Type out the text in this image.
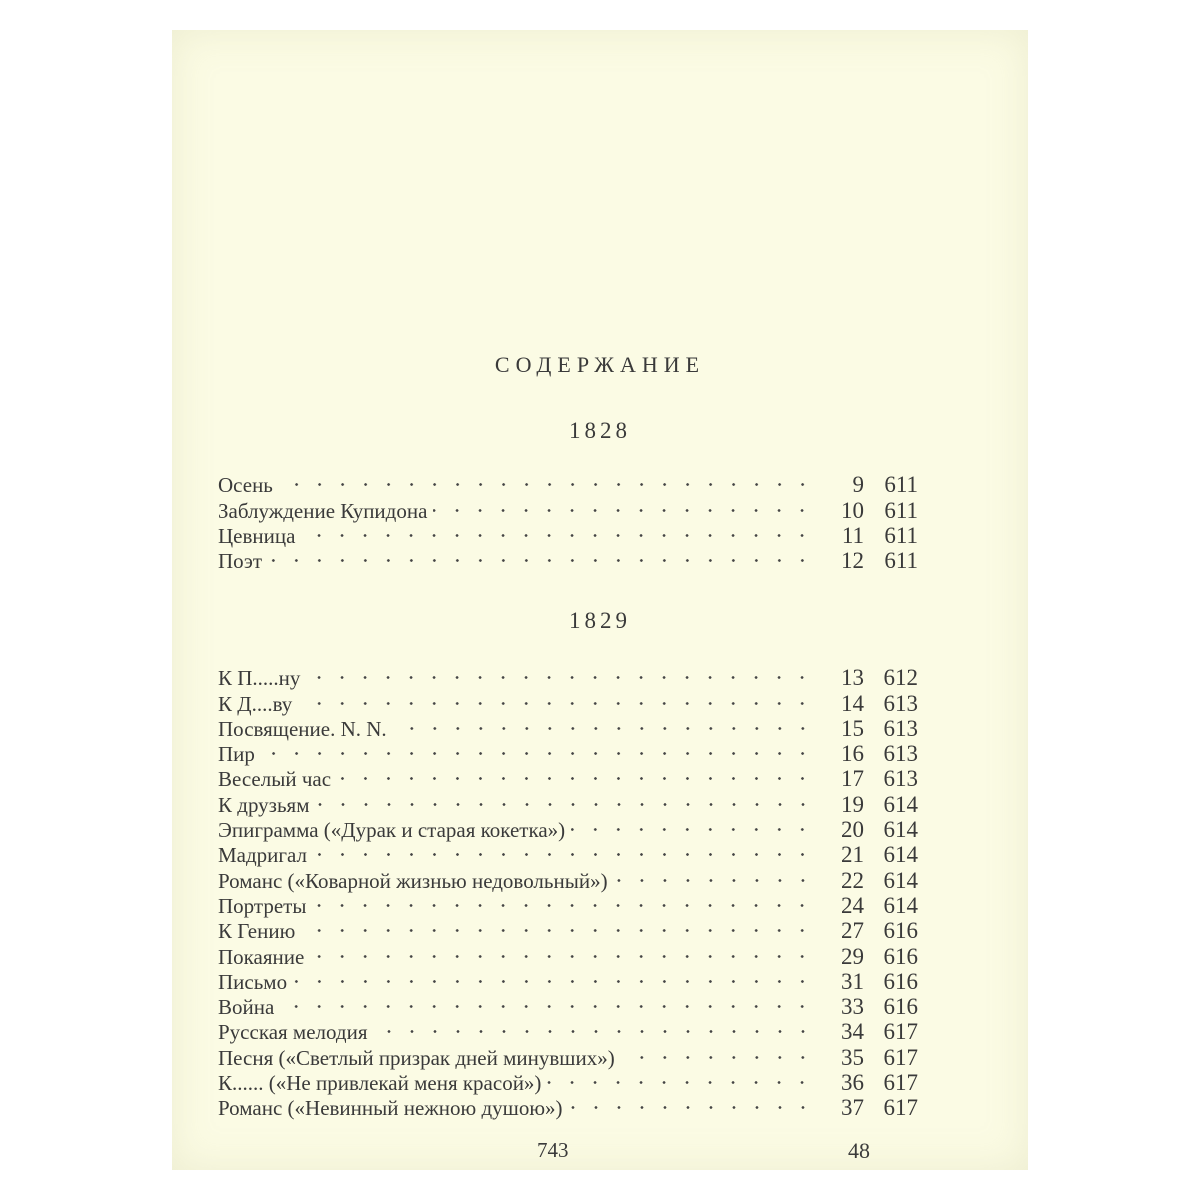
СОДЕРЖАНИЕ
1828
Осень	9 611
Заблуждение Купидона	10 611
Цевница	11 611
Поэт	12 611
1829
К П.....ну	13 612
К Д....ву	14 613
Посвящение. N. N.	15 613
Пир	16 613
Веселый час	17 613
К друзьям	19 614
Эпиграмма («Дурак и старая кокетка»)	20 614
Мадригал	21 614
Романс («Коварной жизнью недовольный»)	22 614
Портреты	24 614
К Гению	27 616
Покаяние	29 616
Письмо	31 616
Война	33 616
Русская мелодия	34 617
Песня («Светлый призрак дней минувших»)	35 617
К...... («Не привлекай меня красой»)	36 617
Романс («Невинный нежною душою»)	37 617
743	48
